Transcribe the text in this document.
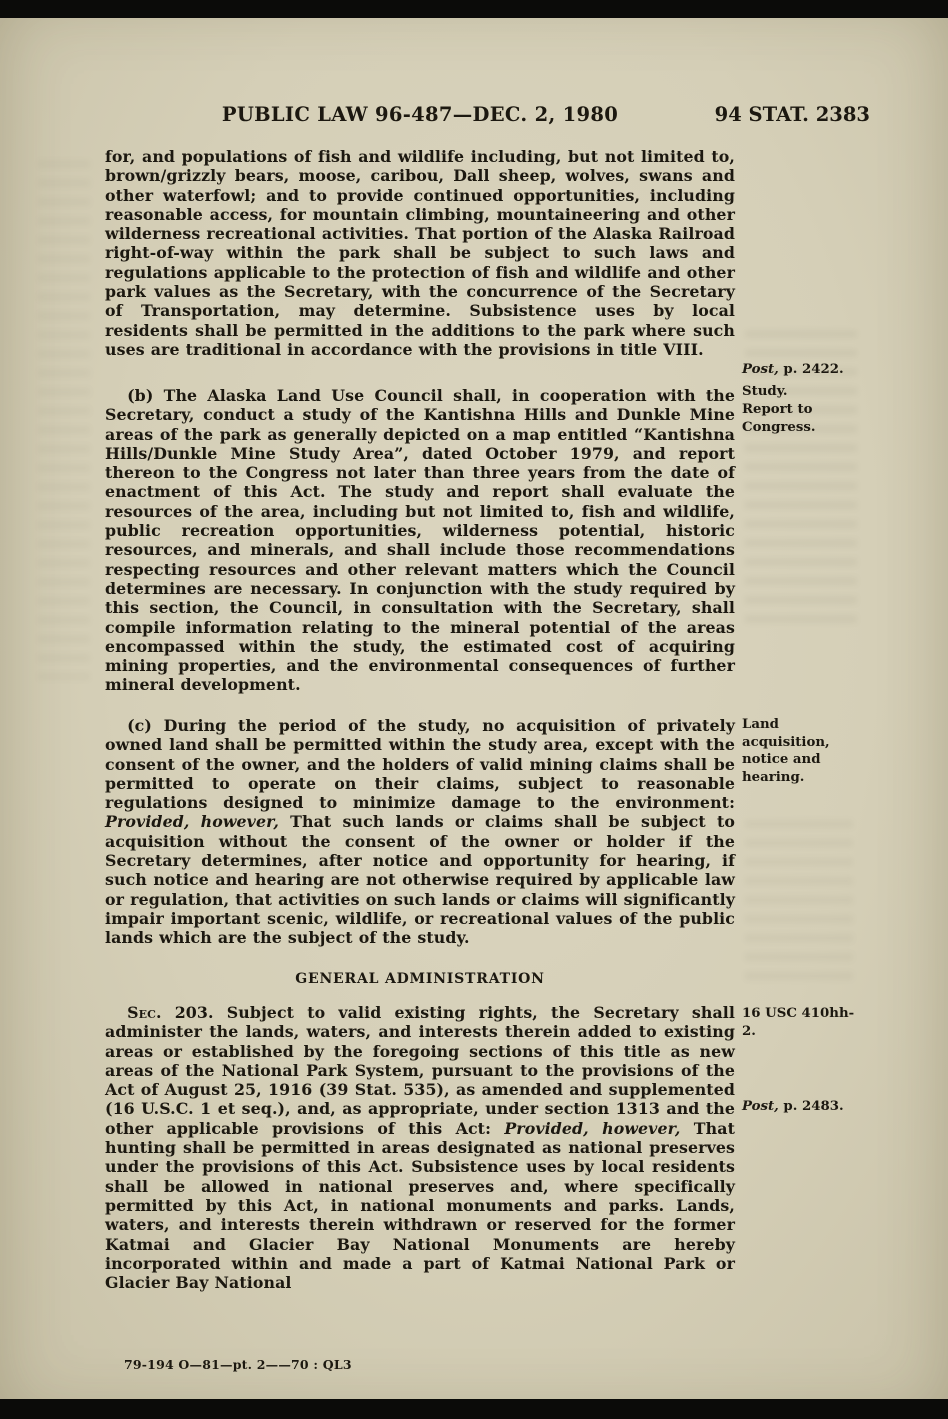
PUBLIC LAW 96-487—DEC. 2, 1980	94 STAT. 2383

for, and populations of fish and wildlife including, but not limited to, brown/grizzly bears, moose, caribou, Dall sheep, wolves, swans and other waterfowl; and to provide continued opportunities, including reasonable access, for mountain climbing, mountaineering and other wilderness recreational activities. That portion of the Alaska Railroad right-of-way within the park shall be subject to such laws and regulations applicable to the protection of fish and wildlife and other park values as the Secretary, with the concurrence of the Secretary of Transportation, may determine. Subsistence uses by local residents shall be permitted in the additions to the park where such uses are traditional in accordance with the provisions in title VIII.

(b) The Alaska Land Use Council shall, in cooperation with the Secretary, conduct a study of the Kantishna Hills and Dunkle Mine areas of the park as generally depicted on a map entitled “Kantishna Hills/Dunkle Mine Study Area”, dated October 1979, and report thereon to the Congress not later than three years from the date of enactment of this Act. The study and report shall evaluate the resources of the area, including but not limited to, fish and wildlife, public recreation opportunities, wilderness potential, historic resources, and minerals, and shall include those recommendations respecting resources and other relevant matters which the Council determines are necessary. In conjunction with the study required by this section, the Council, in consultation with the Secretary, shall compile information relating to the mineral potential of the areas encompassed within the study, the estimated cost of acquiring mining properties, and the environmental consequences of further mineral development.

(c) During the period of the study, no acquisition of privately owned land shall be permitted within the study area, except with the consent of the owner, and the holders of valid mining claims shall be permitted to operate on their claims, subject to reasonable regulations designed to minimize damage to the environment: Provided, however, That such lands or claims shall be subject to acquisition without the consent of the owner or holder if the Secretary determines, after notice and opportunity for hearing, if such notice and hearing are not otherwise required by applicable law or regulation, that activities on such lands or claims will significantly impair important scenic, wildlife, or recreational values of the public lands which are the subject of the study.

GENERAL ADMINISTRATION

Sec. 203. Subject to valid existing rights, the Secretary shall administer the lands, waters, and interests therein added to existing areas or established by the foregoing sections of this title as new areas of the National Park System, pursuant to the provisions of the Act of August 25, 1916 (39 Stat. 535), as amended and supplemented (16 U.S.C. 1 et seq.), and, as appropriate, under section 1313 and the other applicable provisions of this Act: Provided, however, That hunting shall be permitted in areas designated as national preserves under the provisions of this Act. Subsistence uses by local residents shall be allowed in national preserves and, where specifically permitted by this Act, in national monuments and parks. Lands, waters, and interests therein withdrawn or reserved for the former Katmai and Glacier Bay National Monuments are hereby incorporated within and made a part of Katmai National Park or Glacier Bay National

Post, p. 2422.
Study.
Report to Congress.
Land acquisition, notice and hearing.
16 USC 410hh-2.
Post, p. 2483.
79-194 O—81—pt. 2——70 : QL3
